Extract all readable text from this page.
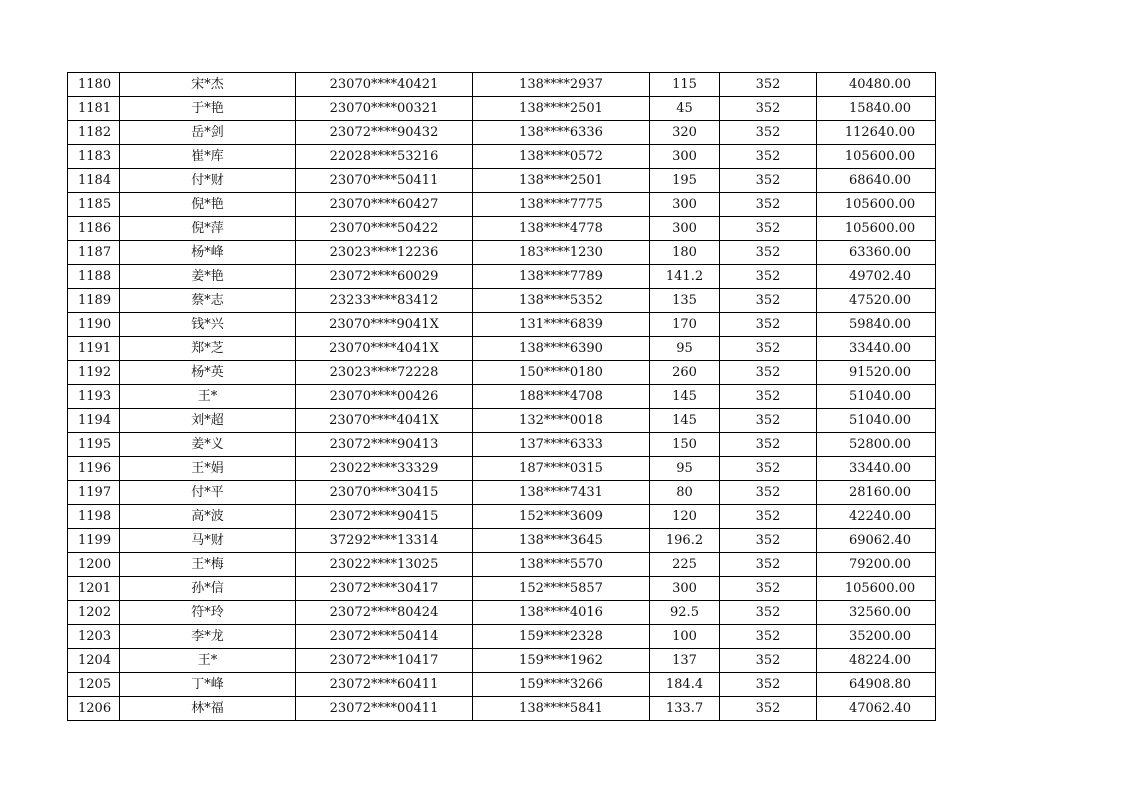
1180	宋*杰	23070****40421	138****2937	115	352	40480.00
1181	于*艳	23070****00321	138****2501	45	352	15840.00
1182	岳*剑	23072****90432	138****6336	320	352	112640.00
1183	崔*库	22028****53216	138****0572	300	352	105600.00
1184	付*财	23070****50411	138****2501	195	352	68640.00
1185	倪*艳	23070****60427	138****7775	300	352	105600.00
1186	倪*萍	23070****50422	138****4778	300	352	105600.00
1187	杨*峰	23023****12236	183****1230	180	352	63360.00
1188	姜*艳	23072****60029	138****7789	141.2	352	49702.40
1189	蔡*志	23233****83412	138****5352	135	352	47520.00
1190	钱*兴	23070****9041X	131****6839	170	352	59840.00
1191	郑*芝	23070****4041X	138****6390	95	352	33440.00
1192	杨*英	23023****72228	150****0180	260	352	91520.00
1193	王*	23070****00426	188****4708	145	352	51040.00
1194	刘*超	23070****4041X	132****0018	145	352	51040.00
1195	姜*义	23072****90413	137****6333	150	352	52800.00
1196	王*娟	23022****33329	187****0315	95	352	33440.00
1197	付*平	23070****30415	138****7431	80	352	28160.00
1198	高*波	23072****90415	152****3609	120	352	42240.00
1199	马*财	37292****13314	138****3645	196.2	352	69062.40
1200	王*梅	23022****13025	138****5570	225	352	79200.00
1201	孙*信	23072****30417	152****5857	300	352	105600.00
1202	符*玲	23072****80424	138****4016	92.5	352	32560.00
1203	李*龙	23072****50414	159****2328	100	352	35200.00
1204	王*	23072****10417	159****1962	137	352	48224.00
1205	丁*峰	23072****60411	159****3266	184.4	352	64908.80
1206	林*福	23072****00411	138****5841	133.7	352	47062.40
